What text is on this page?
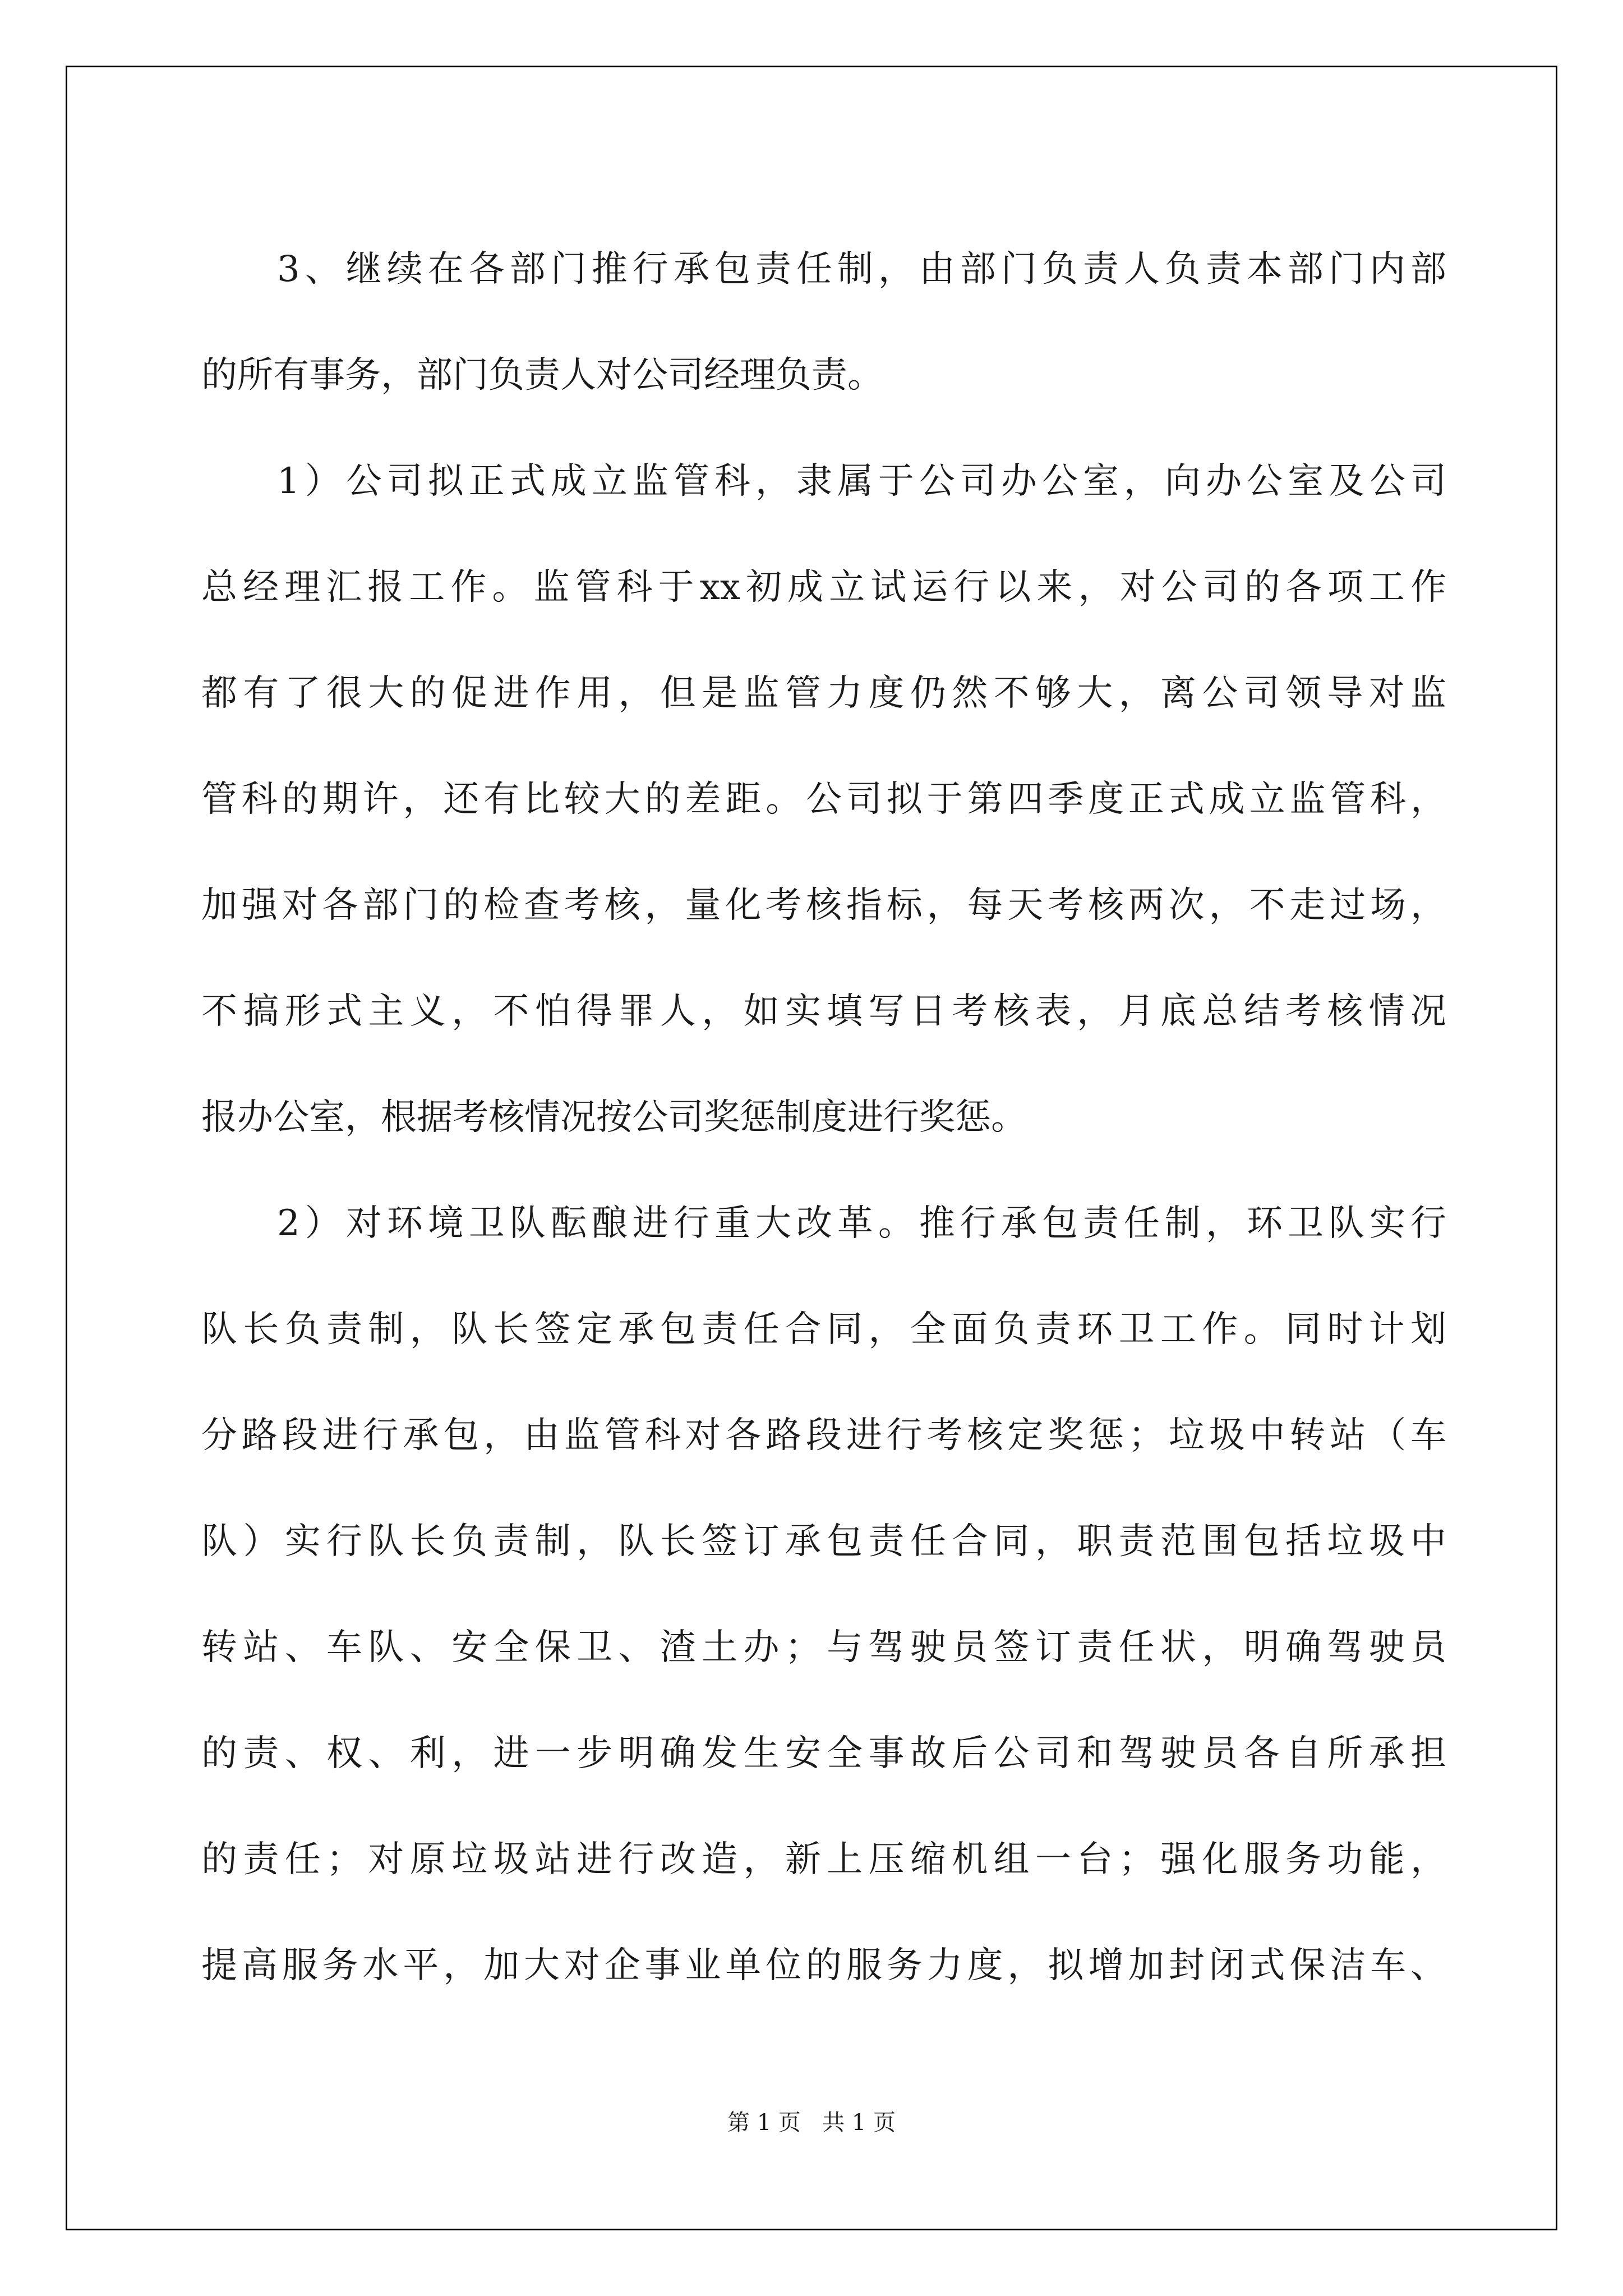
3、继续在各部门推行承包责任制，由部门负责人负责本部门内部
的所有事务，部门负责人对公司经理负责。
1）公司拟正式成立监管科，隶属于公司办公室，向办公室及公司
总经理汇报工作。监管科于xx初成立试运行以来，对公司的各项工作
都有了很大的促进作用，但是监管力度仍然不够大，离公司领导对监
管科的期许，还有比较大的差距。公司拟于第四季度正式成立监管科，
加强对各部门的检查考核，量化考核指标，每天考核两次，不走过场，
不搞形式主义，不怕得罪人，如实填写日考核表，月底总结考核情况
报办公室，根据考核情况按公司奖惩制度进行奖惩。
2）对环境卫队酝酿进行重大改革。推行承包责任制，环卫队实行
队长负责制，队长签定承包责任合同，全面负责环卫工作。同时计划
分路段进行承包，由监管科对各路段进行考核定奖惩；垃圾中转站（车
队）实行队长负责制，队长签订承包责任合同，职责范围包括垃圾中
转站、车队、安全保卫、渣土办；与驾驶员签订责任状，明确驾驶员
的责、权、利，进一步明确发生安全事故后公司和驾驶员各自所承担
的责任；对原垃圾站进行改造，新上压缩机组一台；强化服务功能，
提高服务水平，加大对企事业单位的服务力度，拟增加封闭式保洁车、
第 1 页   共 1 页
